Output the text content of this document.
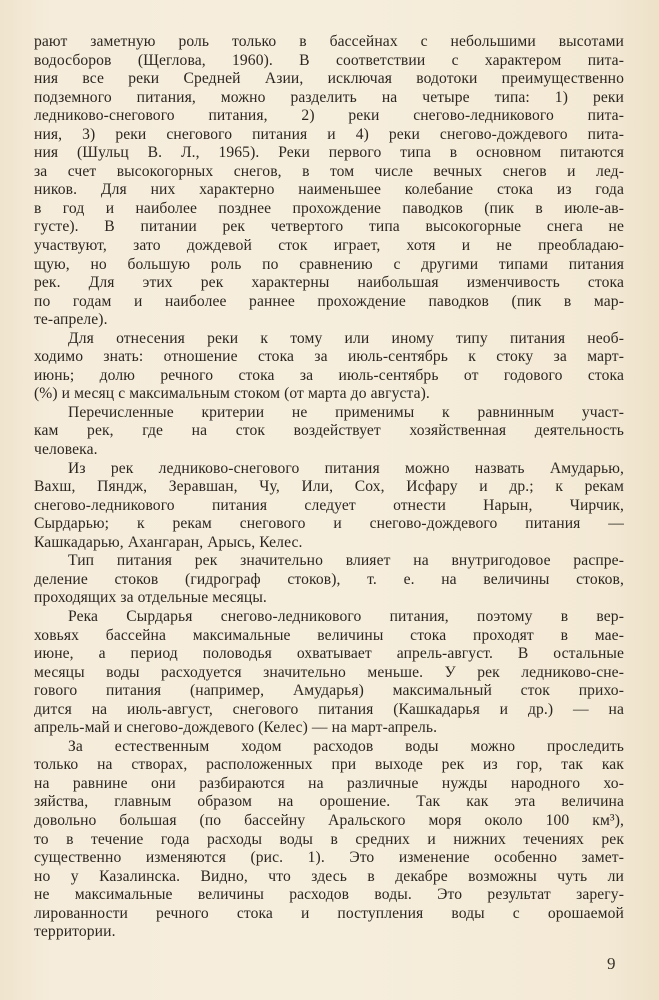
рают заметную роль только в бассейнах с небольшими высотами

водосборов (Щеглова, 1960). В соответствии с характером пита-

ния все реки Средней Азии, исключая водотоки преимущественно

подземного питания, можно разделить на четыре типа: 1) реки

ледниково-снегового питания, 2) реки снегово-ледникового пита-

ния, 3) реки снегового питания и 4) реки снегово-дождевого пита-

ния (Шульц В. Л., 1965). Реки первого типа в основном питаются

за счет высокогорных снегов, в том числе вечных снегов и лед-

ников. Для них характерно наименьшее колебание стока из года

в год и наиболее позднее прохождение паводков (пик в июле-ав-

густе). В питании рек четвертого типа высокогорные снега не

участвуют, зато дождевой сток играет, хотя и не преобладаю-

щую, но большую роль по сравнению с другими типами питания

рек. Для этих рек характерны наибольшая изменчивость стока

по годам и наиболее раннее прохождение паводков (пик в мар-

те-апреле).

Для отнесения реки к тому или иному типу питания необ-

ходимо знать: отношение стока за июль-сентябрь к стоку за март-

июнь; долю речного стока за июль-сентябрь от годового стока

(%) и месяц с максимальным стоком (от марта до августа).

Перечисленные критерии не применимы к равнинным участ-

кам рек, где на сток воздействует хозяйственная деятельность

человека.

Из рек ледниково-снегового питания можно назвать Амударью,

Вахш, Пяндж, Зеравшан, Чу, Или, Сох, Исфару и др.; к рекам

снегово-ледникового питания следует отнести Нарын, Чирчик,

Сырдарью; к рекам снегового и снегово-дождевого питания —

Кашкадарью, Ахангаран, Арысь, Келес.

Тип питания рек значительно влияет на внутригодовое распре-

деление стоков (гидрограф стоков), т. е. на величины стоков,

проходящих за отдельные месяцы.

Река Сырдарья снегово-ледникового питания, поэтому в вер-

ховьях бассейна максимальные величины стока проходят в мае-

июне, а период половодья охватывает апрель-август. В остальные

месяцы воды расходуется значительно меньше. У рек ледниково-сне-

гового питания (например, Амударья) максимальный сток прихо-

дится на июль-август, снегового питания (Кашкадарья и др.) — на

апрель-май и снегово-дождевого (Келес) — на март-апрель.

За естественным ходом расходов воды можно проследить

только на створах, расположенных при выходе рек из гор, так как

на равнине они разбираются на различные нужды народного хо-

зяйства, главным образом на орошение. Так как эта величина

довольно большая (по бассейну Аральского моря около 100 км³),

то в течение года расходы воды в средних и нижних течениях рек

существенно изменяются (рис. 1). Это изменение особенно замет-

но у Казалинска. Видно, что здесь в декабре возможны чуть ли

не максимальные величины расходов воды. Это результат зарегу-

лированности речного стока и поступления воды с орошаемой

территории.

9
